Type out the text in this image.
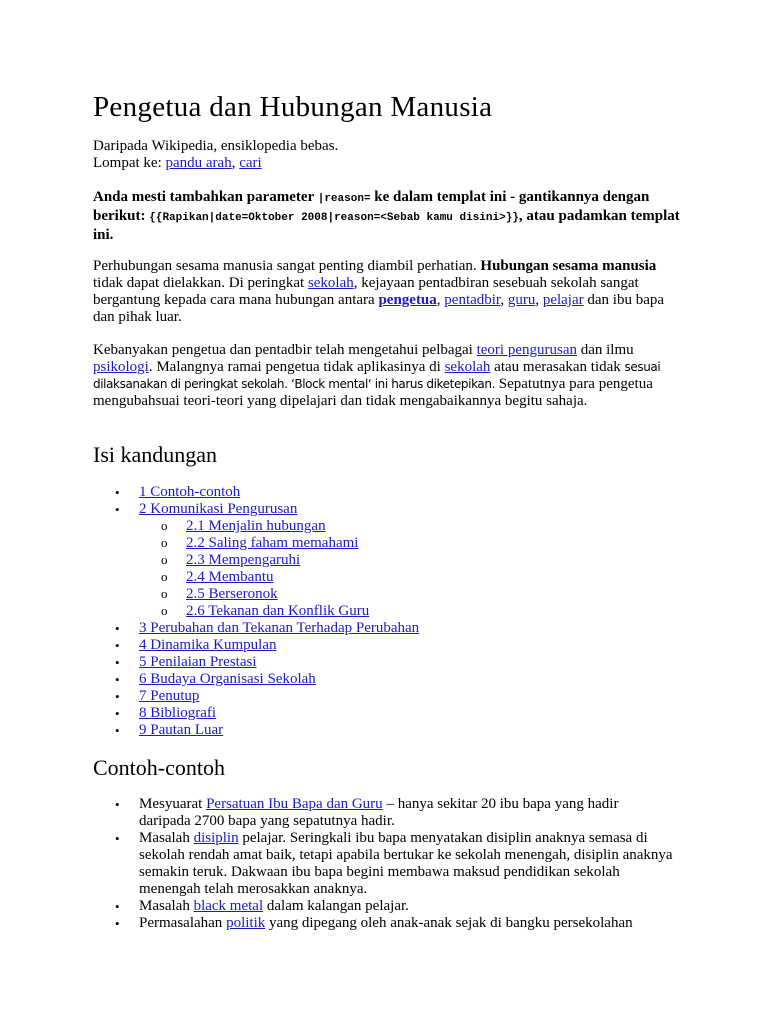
Pengetua dan Hubungan Manusia
Daripada Wikipedia, ensiklopedia bebas.
Lompat ke: pandu arah, cari
Anda mesti tambahkan parameter |reason= ke dalam templat ini - gantikannya dengan berikut: {{Rapikan|date=Oktober 2008|reason=<Sebab kamu disini>}}, atau padamkan templat ini.
Perhubungan sesama manusia sangat penting diambil perhatian. Hubungan sesama manusia tidak dapat dielakkan. Di peringkat sekolah, kejayaan pentadbiran sesebuah sekolah sangat bergantung kepada cara mana hubungan antara pengetua, pentadbir, guru, pelajar dan ibu bapa dan pihak luar.
Kebanyakan pengetua dan pentadbir telah mengetahui pelbagai teori pengurusan dan ilmu psikologi. Malangnya ramai pengetua tidak aplikasinya di sekolah atau merasakan tidak sesuai dilaksanakan di peringkat sekolah. ‘Block mental‘ ini harus diketepikan. Sepatutnya para pengetua mengubahsuai teori-teori yang dipelajari dan tidak mengabaikannya begitu sahaja.
Isi kandungan
• 1 Contoh-contoh
• 2 Komunikasi Pengurusan
o 2.1 Menjalin hubungan
o 2.2 Saling faham memahami
o 2.3 Mempengaruhi
o 2.4 Membantu
o 2.5 Berseronok
o 2.6 Tekanan dan Konflik Guru
• 3 Perubahan dan Tekanan Terhadap Perubahan
• 4 Dinamika Kumpulan
• 5 Penilaian Prestasi
• 6 Budaya Organisasi Sekolah
• 7 Penutup
• 8 Bibliografi
• 9 Pautan Luar
Contoh-contoh
• Mesyuarat Persatuan Ibu Bapa dan Guru – hanya sekitar 20 ibu bapa yang hadir daripada 2700 bapa yang sepatutnya hadir.
• Masalah disiplin pelajar. Seringkali ibu bapa menyatakan disiplin anaknya semasa di sekolah rendah amat baik, tetapi apabila bertukar ke sekolah menengah, disiplin anaknya semakin teruk. Dakwaan ibu bapa begini membawa maksud pendidikan sekolah menengah telah merosakkan anaknya.
• Masalah black metal dalam kalangan pelajar.
• Permasalahan politik yang dipegang oleh anak-anak sejak di bangku persekolahan
